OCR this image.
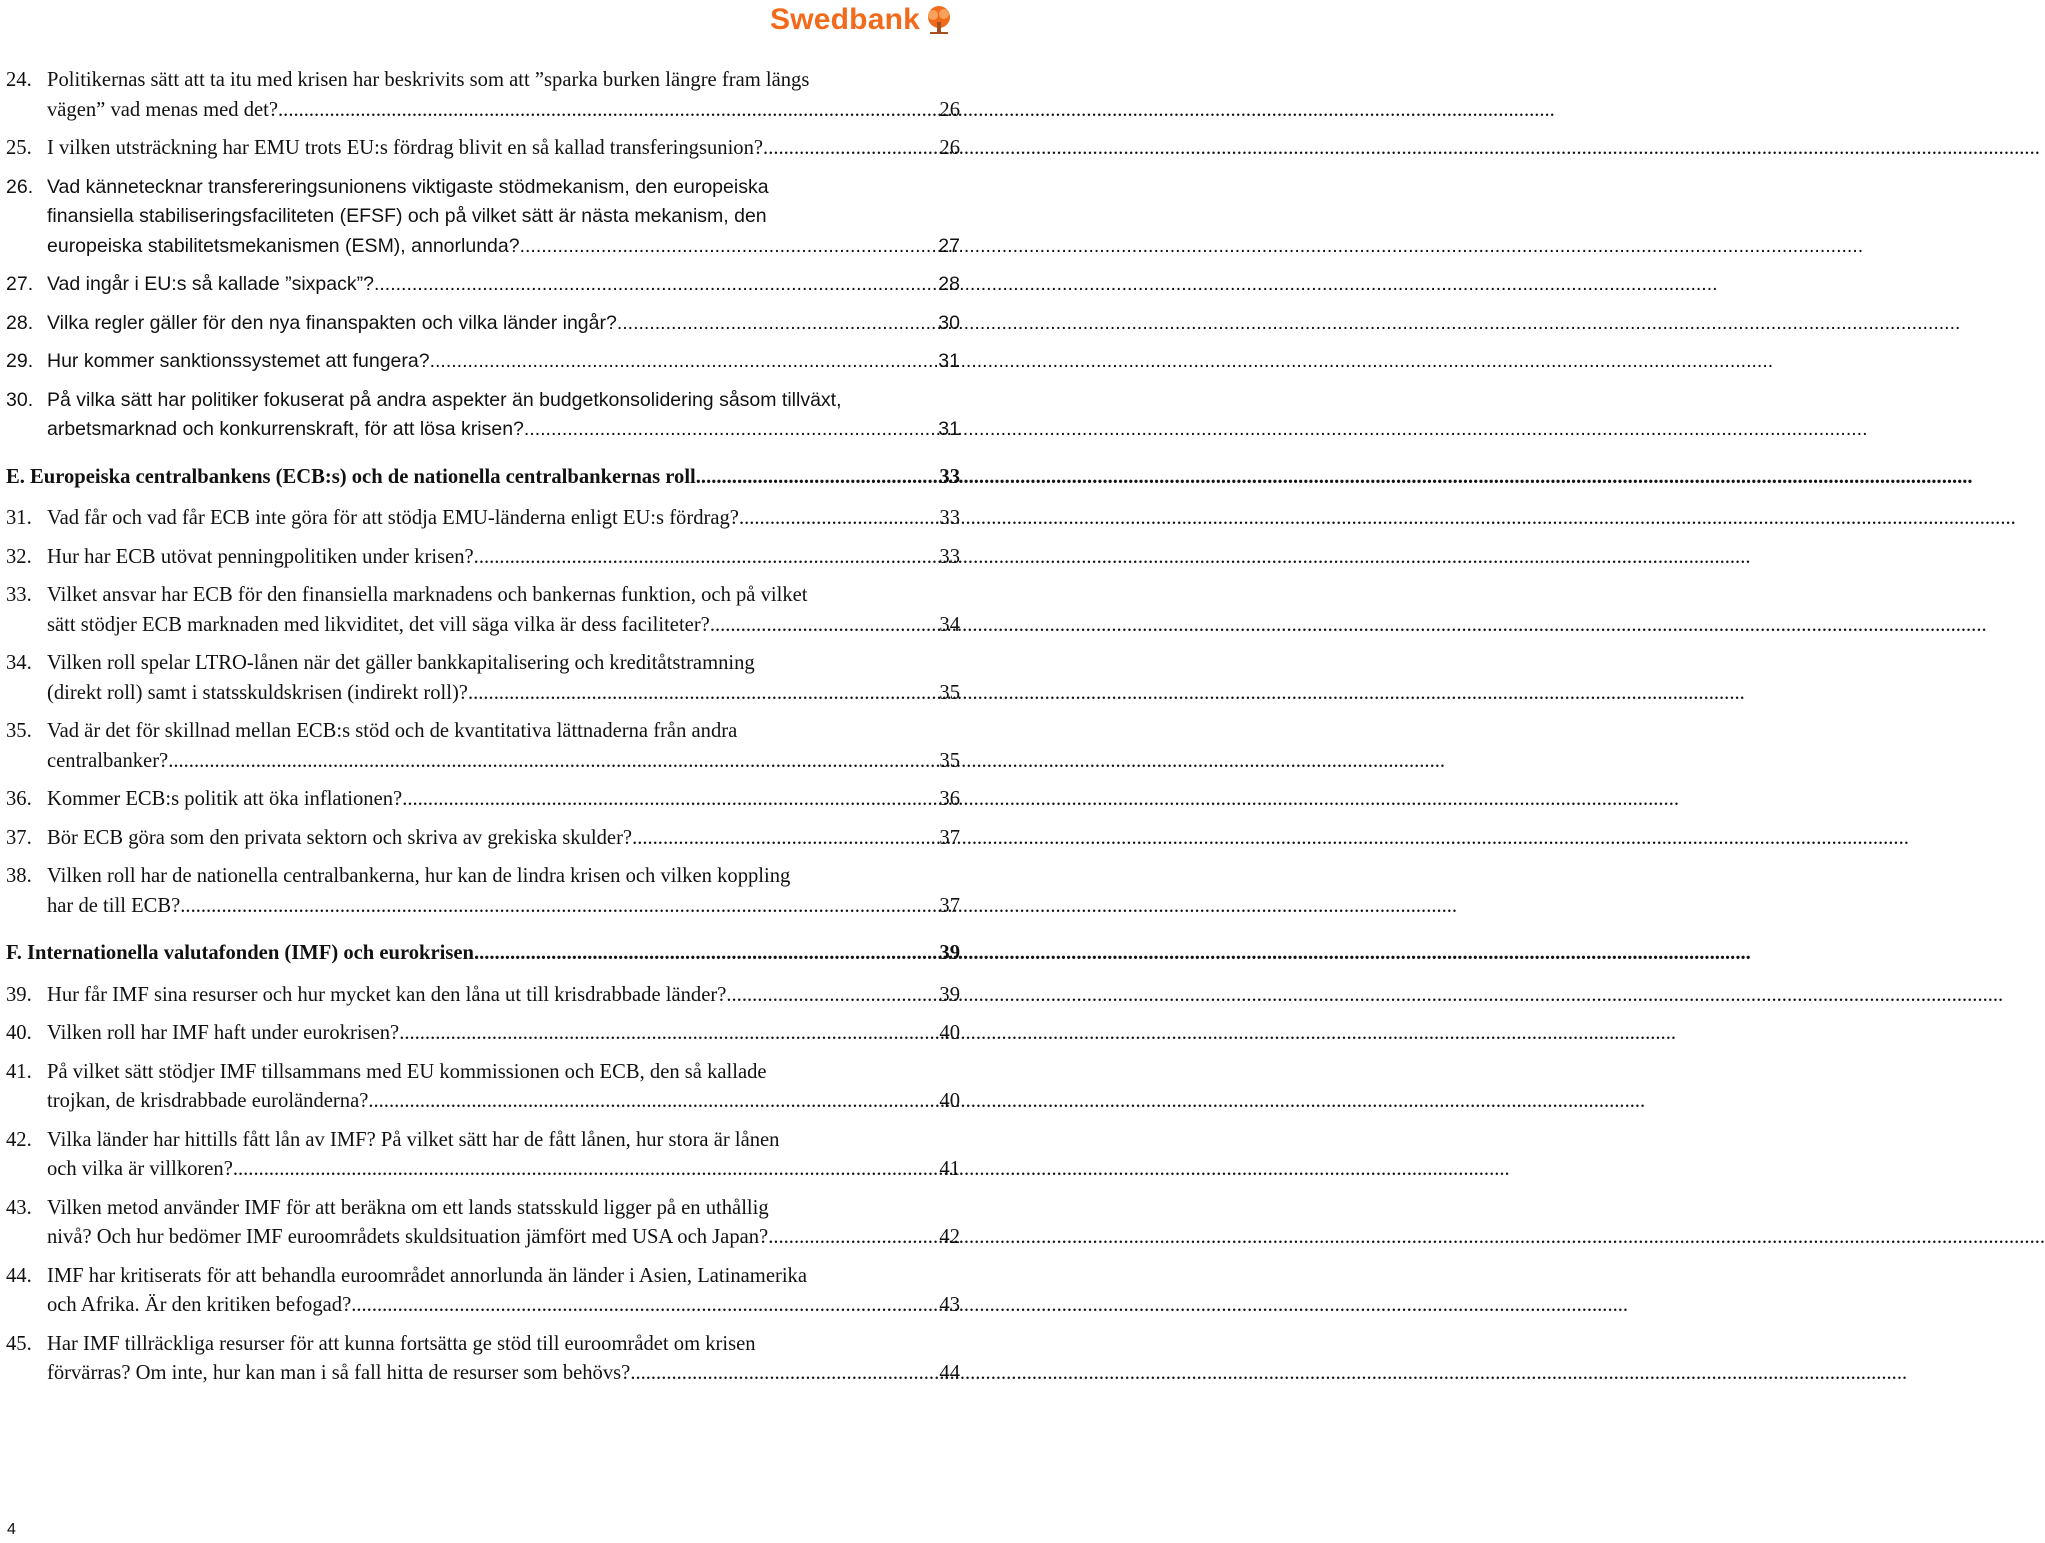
Swedbank
24. Politikernas sätt att ta itu med krisen har beskrivits som att ”sparka burken längre fram längs
vägen” vad menas med det? .....	26
25. I vilken utsträckning har EMU trots EU:s fördrag blivit en så kallad transferingsunion? .....	26
26. Vad kännetecknar transfereringsunionens viktigaste stödmekanism, den europeiska
finansiella stabiliseringsfaciliteten (EFSF) och på vilket sätt är nästa mekanism, den
europeiska stabilitetsmekanismen (ESM), annorlunda? .....	27
27. Vad ingår i EU:s så kallade ”sixpack”? .....	28
28. Vilka regler gäller för den nya finanspakten och vilka länder ingår? .....	30
29. Hur kommer sanktionssystemet att fungera? .....	31
30. På vilka sätt har politiker fokuserat på andra aspekter än budgetkonsolidering såsom tillväxt,
arbetsmarknad och konkurrenskraft, för att lösa krisen? .....	31
E. Europeiska centralbankens (ECB:s) och de nationella centralbankernas roll .....	33
31. Vad får och vad får ECB inte göra för att stödja EMU-länderna enligt EU:s fördrag? .....	33
32. Hur har ECB utövat penningpolitiken under krisen? .....	33
33. Vilket ansvar har ECB för den finansiella marknadens och bankernas funktion, och på vilket
sätt stödjer ECB marknaden med likviditet, det vill säga vilka är dess faciliteter? .....	34
34. Vilken roll spelar LTRO-lånen när det gäller bankkapitalisering och kreditåtstramning
(direkt roll) samt i statsskuldskrisen (indirekt roll)? .....	35
35. Vad är det för skillnad mellan ECB:s stöd och de kvantitativa lättnaderna från andra
centralbanker? .....	35
36. Kommer ECB:s politik att öka inflationen? .....	36
37. Bör ECB göra som den privata sektorn och skriva av grekiska skulder? .....	37
38. Vilken roll har de nationella centralbankerna, hur kan de lindra krisen och vilken koppling
har de till ECB? .....	37
F. Internationella valutafonden (IMF) och eurokrisen .....	39
39. Hur får IMF sina resurser och hur mycket kan den låna ut till krisdrabbade länder? .....	39
40. Vilken roll har IMF haft under eurokrisen? .....	40
41. På vilket sätt stödjer IMF tillsammans med EU kommissionen och ECB, den så kallade
trojkan, de krisdrabbade euroländerna? .....	40
42. Vilka länder har hittills fått lån av IMF? På vilket sätt har de fått lånen, hur stora är lånen
och vilka är villkoren? .....	41
43. Vilken metod använder IMF för att beräkna om ett lands statsskuld ligger på en uthållig
nivå? Och hur bedömer IMF euroområdets skuldsituation jämfört med USA och Japan? .....	42
44. IMF har kritiserats för att behandla euroområdet annorlunda än länder i Asien, Latinamerika
och Afrika. Är den kritiken befogad? .....	43
45. Har IMF tillräckliga resurser för att kunna fortsätta ge stöd till euroområdet om krisen
förvärras? Om inte, hur kan man i så fall hitta de resurser som behövs? .....	44
4
